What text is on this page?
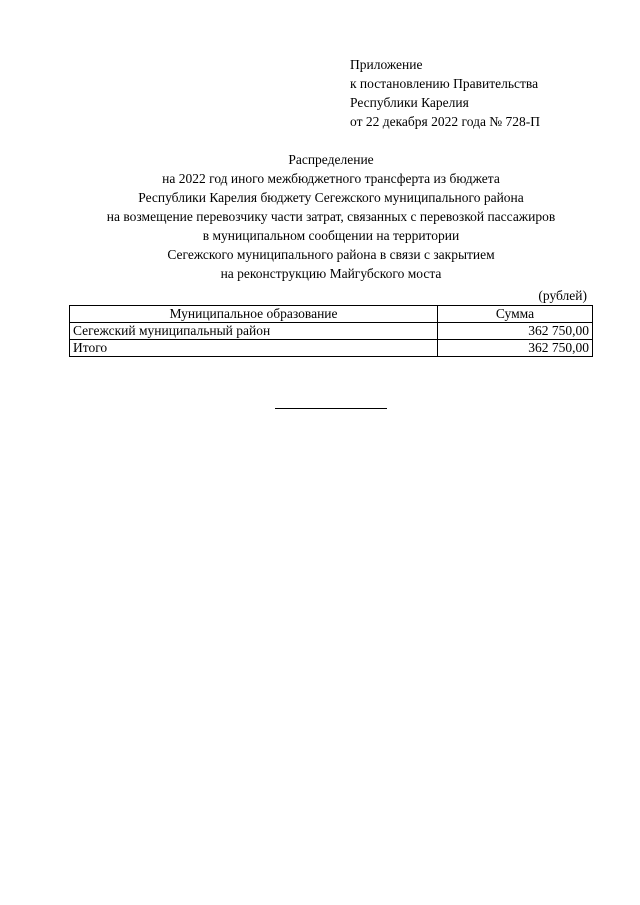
Приложение
к постановлению Правительства
Республики Карелия
от 22 декабря 2022 года № 728-П
Распределение
на 2022 год иного межбюджетного трансферта из бюджета
Республики Карелия бюджету Сегежского муниципального района
на возмещение перевозчику части затрат, связанных с перевозкой пассажиров
в муниципальном сообщении на территории
Сегежского муниципального района в связи с закрытием
на реконструкцию Майгубского моста
(рублей)
Муниципальное образование	Сумма
Сегежский муниципальный район	362 750,00
Итого	362 750,00
